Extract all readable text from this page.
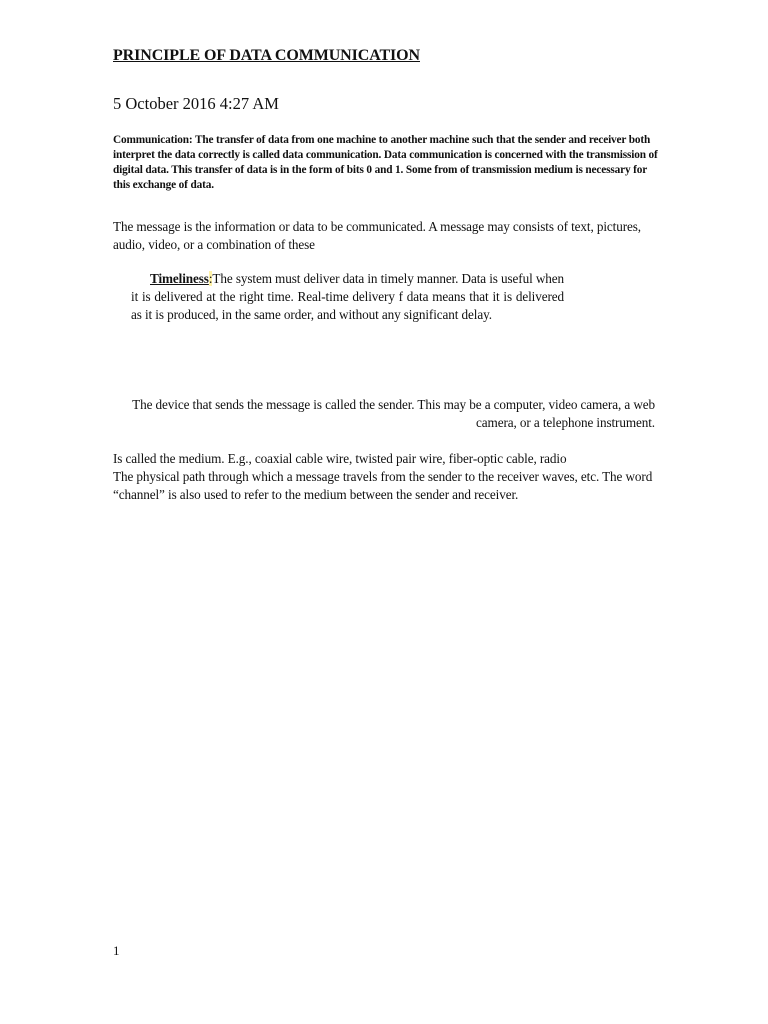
PRINCIPLE OF DATA COMMUNICATION
5 October 2016 4:27 AM
Communication: The transfer of data from one machine to another machine such that the sender and receiver both interpret the data correctly is called data communication. Data communication is concerned with the transmission of digital data. This transfer of data is in the form of bits 0 and 1. Some from of transmission medium is necessary for this exchange of data.
The message is the information or data to be communicated. A message may consists of text, pictures, audio, video, or a combination of these
Timeliness:The system must deliver data in timely manner. Data is useful when it is delivered at the right time. Real-time delivery f data means that it is delivered as it is produced, in the same order, and without any significant delay.
The device that sends the message is called the sender. This may be a computer, video camera, a web camera, or a telephone instrument.
Is called the medium. E.g., coaxial cable wire, twisted pair wire, fiber-optic cable, radio
The physical path through which a message travels from the sender to the receiver waves, etc. The word “channel” is also used to refer to the medium between the sender and receiver.
1
